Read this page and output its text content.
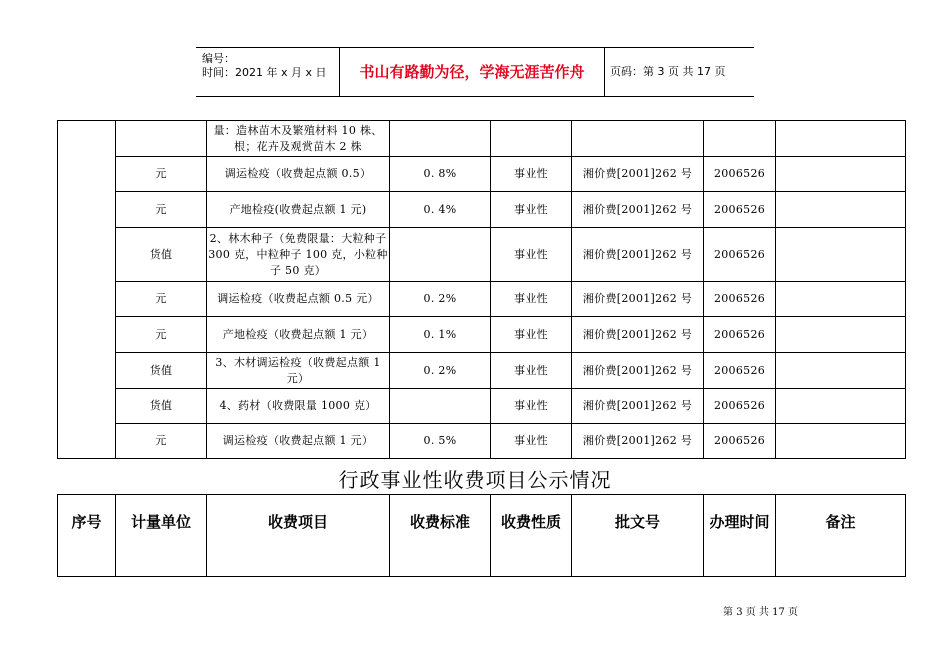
编号：
时间：2021 年 x 月 x 日	书山有路勤为径，学海无涯苦作舟	页码：第 3 页 共 17 页
		量：造林苗木及繁殖材料 10 株、根；花卉及观赏苗木 2 株					
	元	调运检疫（收费起点额 0.5）	0. 8%	事业性	湘价费[2001]262 号	2006526	
	元	产地检疫(收费起点额 1 元)	0. 4%	事业性	湘价费[2001]262 号	2006526	
	货值	2、林木种子（免费限量：大粒种子 300 克，中粒种子 100 克，小粒种子 50 克）		事业性	湘价费[2001]262 号	2006526	
	元	调运检疫（收费起点额 0.5 元）	0. 2%	事业性	湘价费[2001]262 号	2006526	
	元	产地检疫（收费起点额 1 元）	0. 1%	事业性	湘价费[2001]262 号	2006526	
	货值	3、木材调运检疫（收费起点额 1 元）	0. 2%	事业性	湘价费[2001]262 号	2006526	
	货值	4、药材（收费限量 1000 克）		事业性	湘价费[2001]262 号	2006526	
	元	调运检疫（收费起点额 1 元）	0. 5%	事业性	湘价费[2001]262 号	2006526	
行政事业性收费项目公示情况
序号	计量单位	收费项目	收费标准	收费性质	批文号	办理时间	备注
第 3 页 共 17 页
